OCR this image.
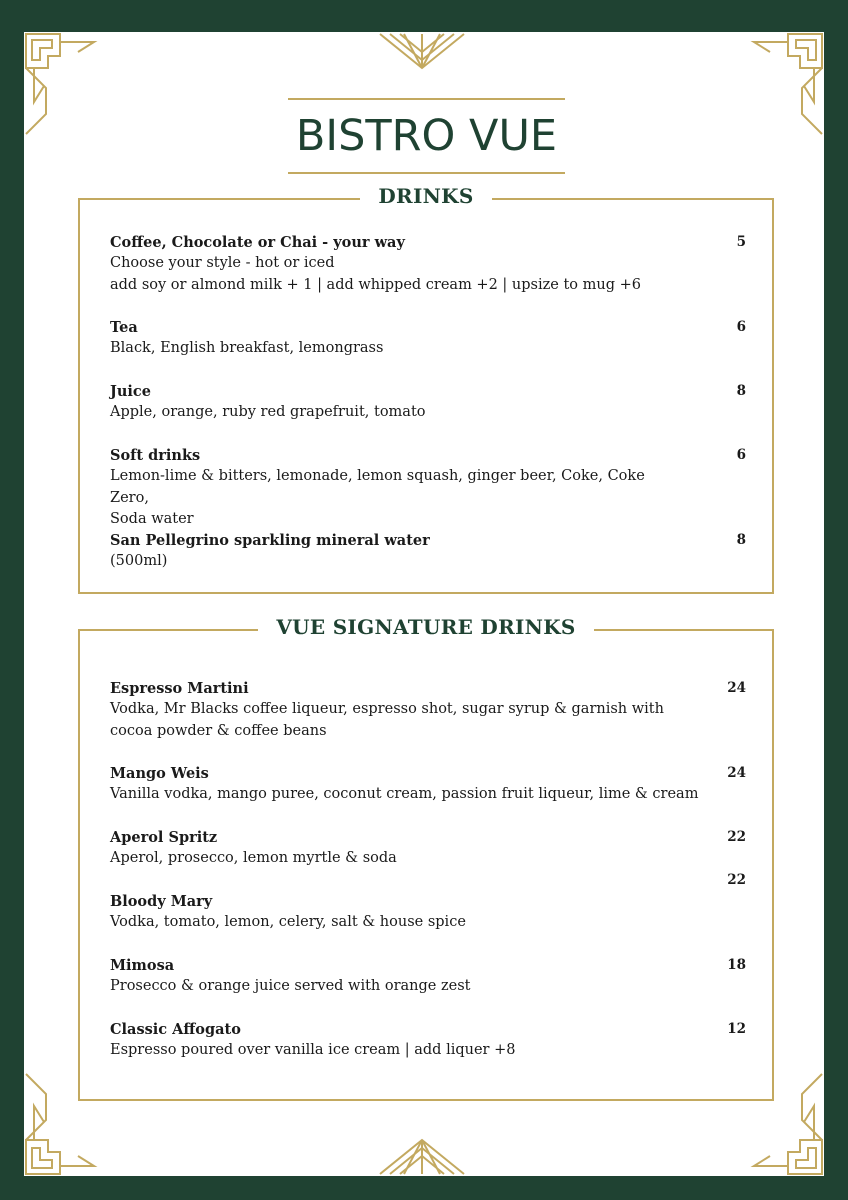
BISTRO VUE
DRINKS
Coffee, Chocolate or Chai - your way
Choose your style - hot or iced
add soy or almond milk + 1 | add whipped cream +2 | upsize to mug +6
5
Tea
Black, English breakfast, lemongrass
6
Juice
Apple, orange, ruby red grapefruit, tomato
8
Soft drinks
Lemon-lime & bitters, lemonade, lemon squash, ginger beer, Coke, Coke Zero,
Soda water
6
San Pellegrino sparkling mineral water
(500ml)
8
VUE SIGNATURE DRINKS
Espresso Martini
Vodka, Mr Blacks coffee liqueur, espresso shot, sugar syrup & garnish with
cocoa powder & coffee beans
24
Mango Weis
Vanilla vodka, mango puree, coconut cream, passion fruit liqueur, lime & cream
24
Aperol Spritz
Aperol, prosecco, lemon myrtle & soda
22
Bloody Mary
Vodka, tomato, lemon, celery, salt & house spice
22
Mimosa
Prosecco & orange juice served with orange zest
18
Classic Affogato
Espresso poured over vanilla ice cream | add liquer +8
12
